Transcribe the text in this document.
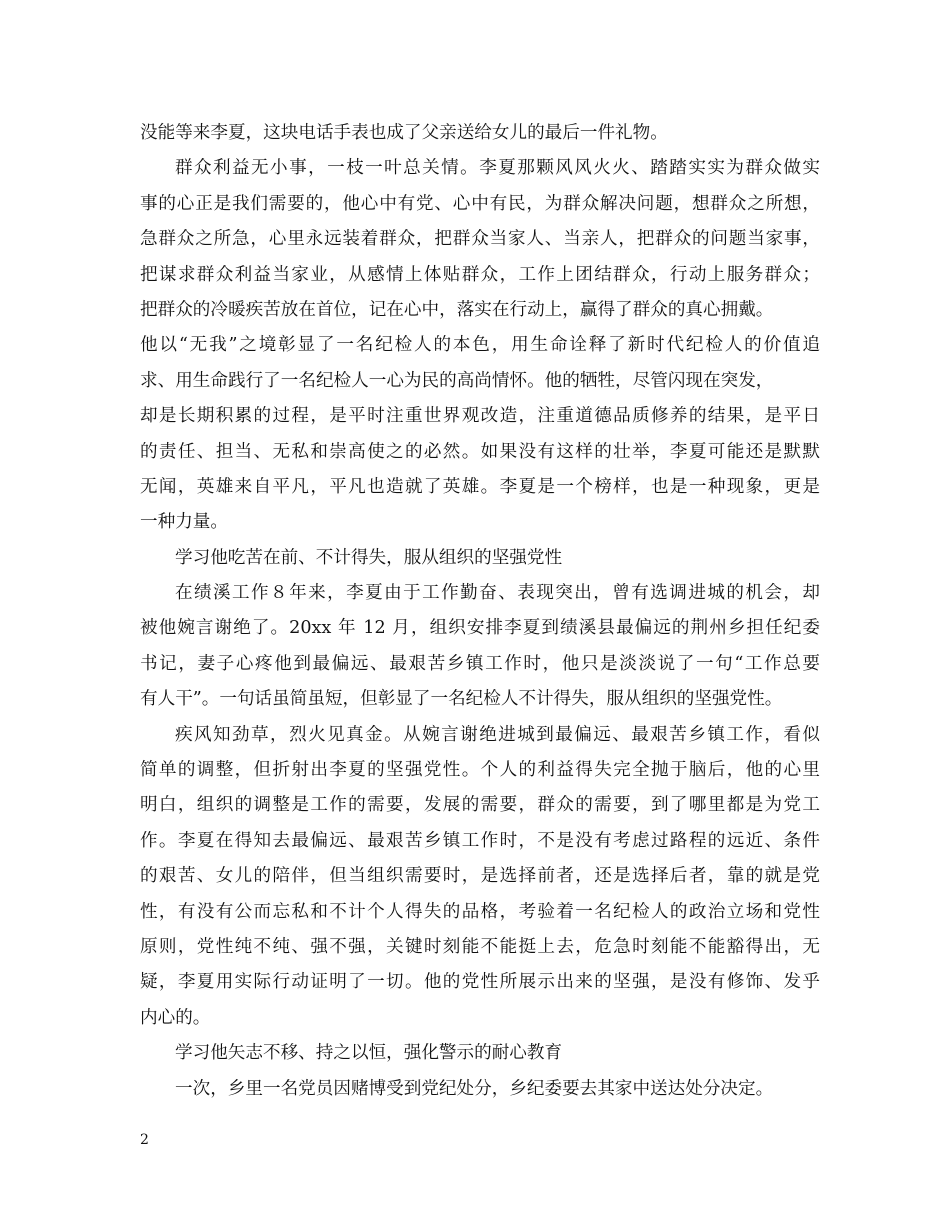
没能等来李夏，这块电话手表也成了父亲送给女儿的最后一件礼物。
群众利益无小事，一枝一叶总关情。李夏那颗风风火火、踏踏实实为群众做实
事的心正是我们需要的，他心中有党、心中有民，为群众解决问题，想群众之所想，
急群众之所急，心里永远装着群众，把群众当家人、当亲人，把群众的问题当家事，
把谋求群众利益当家业，从感情上体贴群众，工作上团结群众，行动上服务群众；
把群众的冷暖疾苦放在首位，记在心中，落实在行动上，赢得了群众的真心拥戴。
他以“无我”之境彰显了一名纪检人的本色，用生命诠释了新时代纪检人的价值追
求、用生命践行了一名纪检人一心为民的高尚情怀。他的牺牲，尽管闪现在突发，
却是长期积累的过程，是平时注重世界观改造，注重道德品质修养的结果，是平日
的责任、担当、无私和崇高使之的必然。如果没有这样的壮举，李夏可能还是默默
无闻，英雄来自平凡，平凡也造就了英雄。李夏是一个榜样，也是一种现象，更是
一种力量。
学习他吃苦在前、不计得失，服从组织的坚强党性
在绩溪工作８年来，李夏由于工作勤奋、表现突出，曾有选调进城的机会，却
被他婉言谢绝了。20xx 年 12 月，组织安排李夏到绩溪县最偏远的荆州乡担任纪委
书记，妻子心疼他到最偏远、最艰苦乡镇工作时，他只是淡淡说了一句“工作总要
有人干”。一句话虽简虽短，但彰显了一名纪检人不计得失，服从组织的坚强党性。
疾风知劲草，烈火见真金。从婉言谢绝进城到最偏远、最艰苦乡镇工作，看似
简单的调整，但折射出李夏的坚强党性。个人的利益得失完全抛于脑后，他的心里
明白，组织的调整是工作的需要，发展的需要，群众的需要，到了哪里都是为党工
作。李夏在得知去最偏远、最艰苦乡镇工作时，不是没有考虑过路程的远近、条件
的艰苦、女儿的陪伴，但当组织需要时，是选择前者，还是选择后者，靠的就是党
性，有没有公而忘私和不计个人得失的品格，考验着一名纪检人的政治立场和党性
原则，党性纯不纯、强不强，关键时刻能不能挺上去，危急时刻能不能豁得出，无
疑，李夏用实际行动证明了一切。他的党性所展示出来的坚强，是没有修饰、发乎
内心的。
学习他矢志不移、持之以恒，强化警示的耐心教育
一次，乡里一名党员因赌博受到党纪处分，乡纪委要去其家中送达处分决定。
2
